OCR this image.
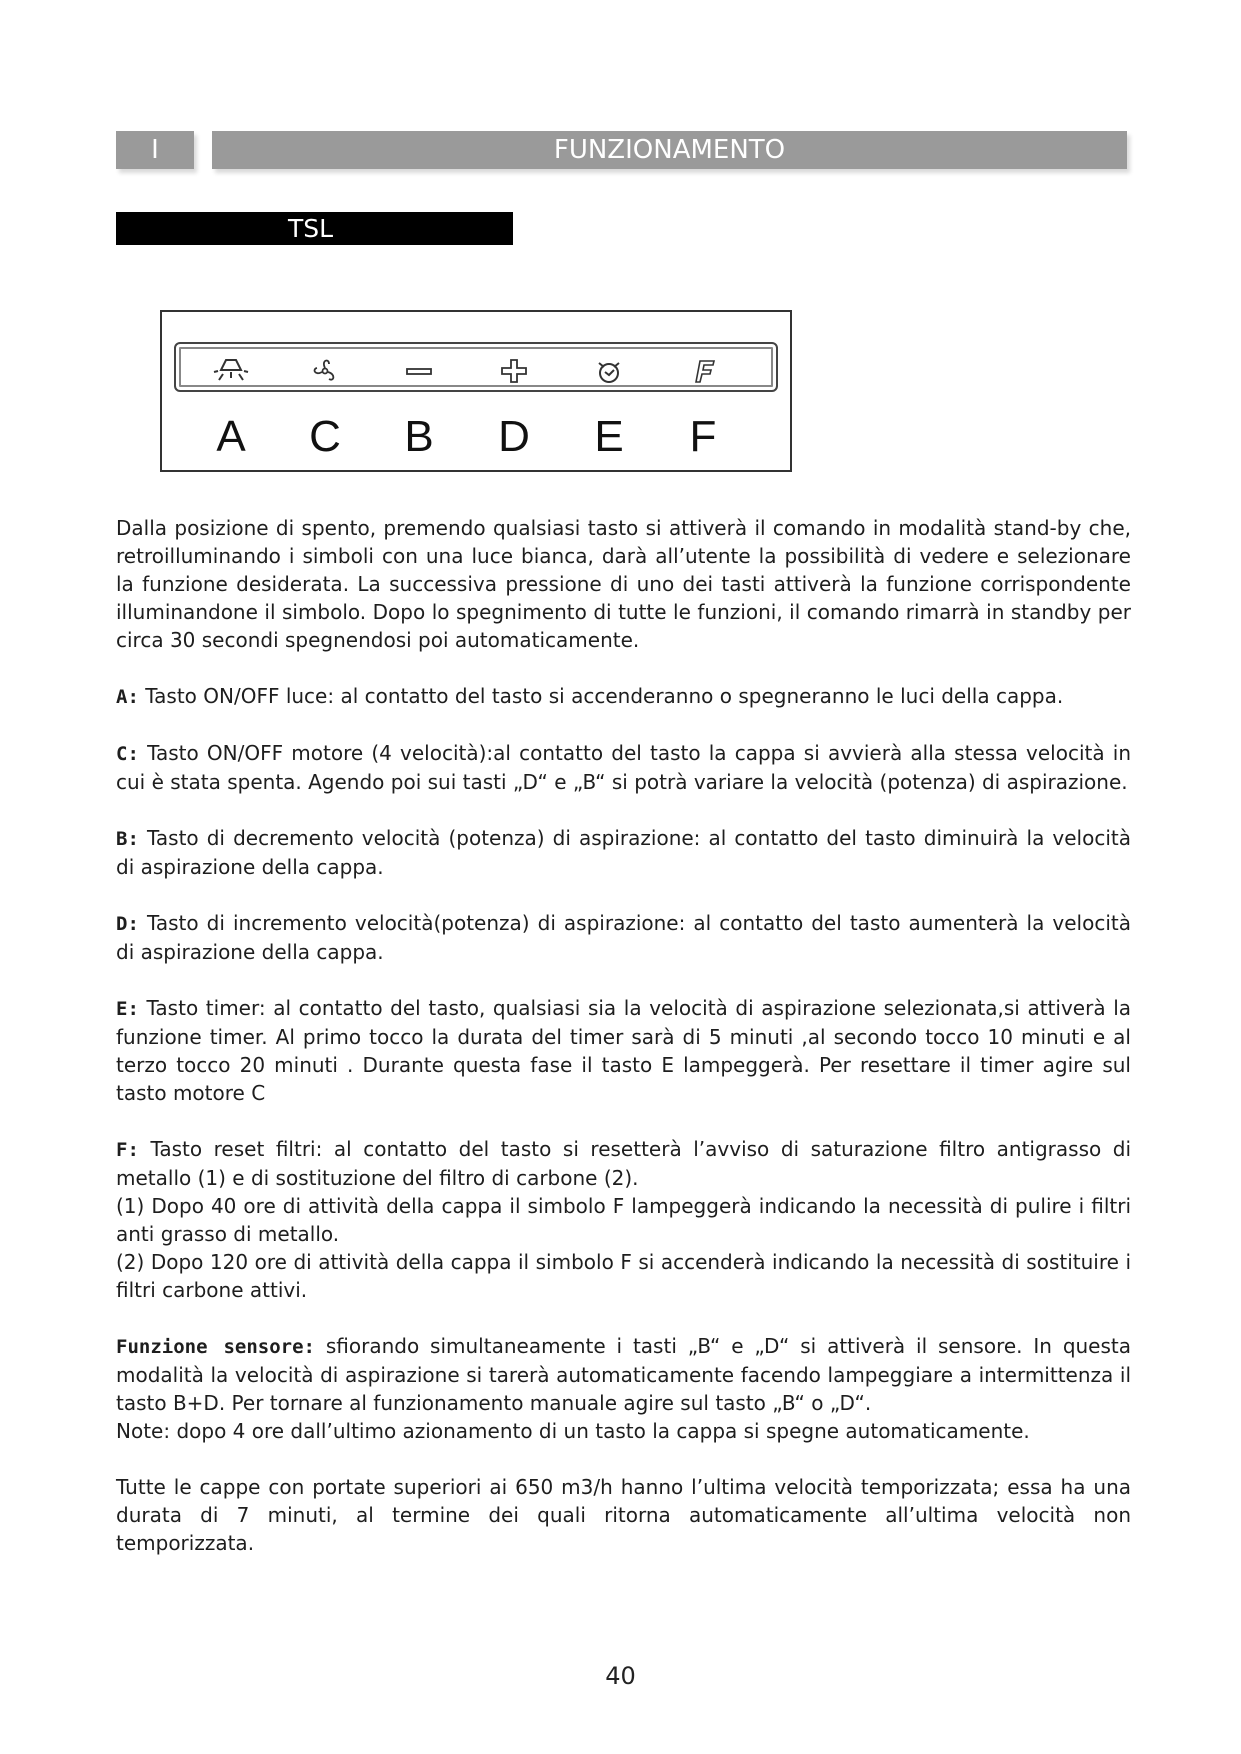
I	FUNZIONAMENTO
TSL
A	C	B	D	E	F

Dalla posizione di spento, premendo qualsiasi tasto si attiverà il comando in modalità stand-by che, retroilluminando i simboli con una luce bianca, darà all’utente la possibilità di vedere e selezionare la funzione desiderata. La successiva pressione di uno dei tasti attiverà la funzione corrispondente illuminandone il simbolo. Dopo lo spegnimento di tutte le funzioni, il comando rimarrà in standby per circa 30 secondi spegnendosi poi automaticamente.

A: Tasto ON/OFF luce: al contatto del tasto si accenderanno o spegneranno le luci della cappa.

C: Tasto ON/OFF motore (4 velocità):al contatto del tasto la cappa si avvierà alla stessa velocità in cui è stata spenta. Agendo poi sui tasti „D“ e „B“ si potrà variare la velocità (potenza) di aspirazione.

B: Tasto di decremento velocità (potenza) di aspirazione: al contatto del tasto diminuirà la velocità di aspirazione della cappa.

D: Tasto di incremento velocità(potenza) di aspirazione: al contatto del tasto aumenterà la velocità di aspirazione della cappa.

E: Tasto timer: al contatto del tasto, qualsiasi sia la velocità di aspirazione selezionata,si attiverà la funzione timer. Al primo tocco la durata del timer sarà di 5 minuti ,al secondo tocco 10 minuti e al terzo tocco 20 minuti . Durante questa fase il tasto E lampeggerà. Per resettare il timer agire sul tasto motore C

F: Tasto reset filtri: al contatto del tasto si resetterà l’avviso di saturazione filtro antigrasso di metallo (1) e di sostituzione del filtro di carbone (2).

(1) Dopo 40 ore di attività della cappa il simbolo F lampeggerà indicando la necessità di pulire i filtri anti grasso di metallo.

(2) Dopo 120 ore di attività della cappa il simbolo F si accenderà indicando la necessità di sostituire i filtri carbone attivi.

Funzione sensore: sfiorando simultaneamente i tasti „B“ e „D“ si attiverà il sensore. In questa modalità la velocità di aspirazione si tarerà automaticamente facendo lampeggiare a intermittenza il tasto B+D. Per tornare al funzionamento manuale agire sul tasto „B“ o „D“.

Note: dopo 4 ore dall’ultimo azionamento di un tasto la cappa si spegne automaticamente.

Tutte le cappe con portate superiori ai 650 m3/h hanno l’ultima velocità temporizzata; essa ha una durata di 7 minuti, al termine dei quali ritorna automaticamente all’ultima velocità non temporizzata.

40
